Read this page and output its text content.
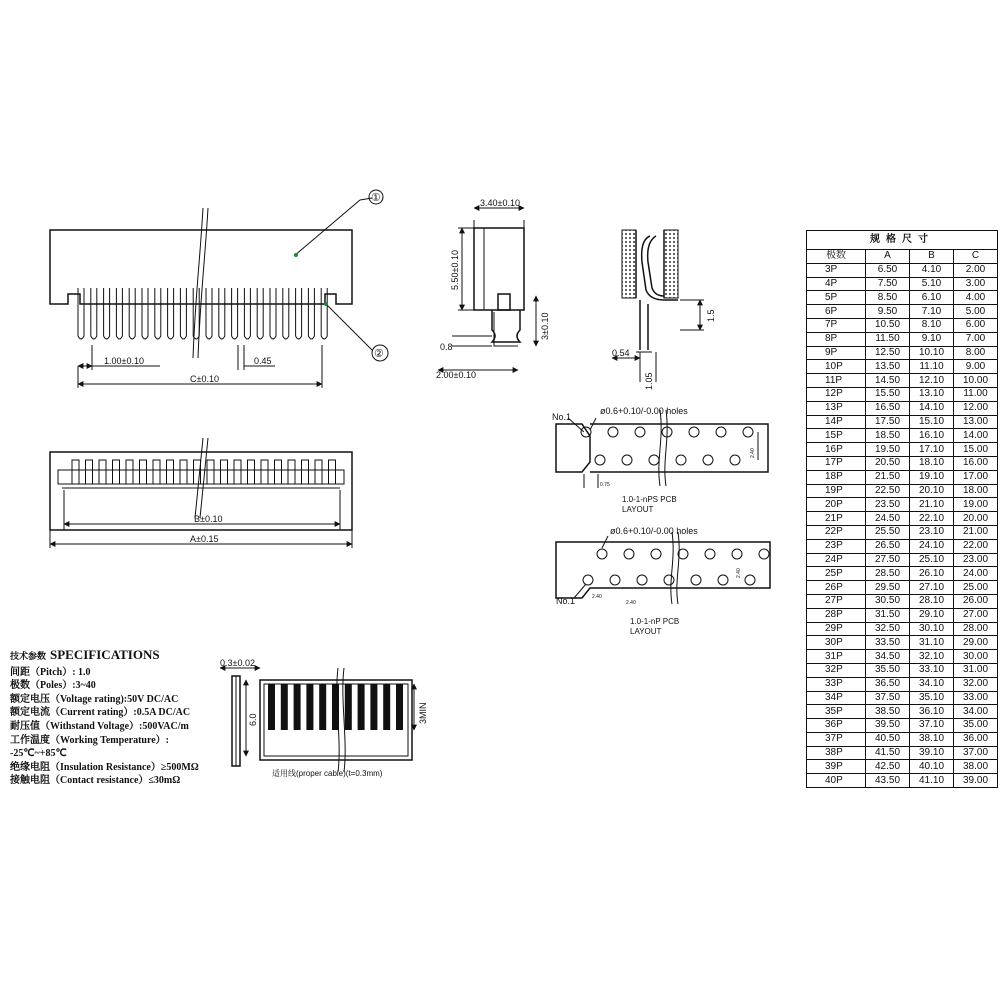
①
②
1.00±0.10	0.45
C±0.10
B±0.10
A±0.15
3.40±0.10
5.50±0.10
3±0.10
0.8
2.00±0.10
0.54
1.05
1.5
No.1
ø0.6+0.10/-0.00 holes
2.40
0.75
1.0-1-nPS PCB
LAYOUT
ø0.6+0.10/-0.00 holes
No.1
2.40
2.40
2.40
1.0-1-nP PCB
LAYOUT
0.3±0.02
6.0	3MIN
适用线(proper cable)(t=0.3mm)
技术参数 SPECIFICATIONS
间距（Pitch）: 1.0
极数（Poles）:3~40
额定电压（Voltage rating):50V DC/AC
额定电流（Current rating）:0.5A DC/AC
耐压值（Withstand Voltage）:500VAC/m
工作温度（Working Temperature）:
-25℃~+85℃
绝缘电阻（Insulation Resistance）≥500MΩ
接触电阻（Contact resistance）≤30mΩ
规格尺寸			
极数	A	B	C
3P	6.50	4.10	2.00
4P	7.50	5.10	3.00
5P	8.50	6.10	4.00
6P	9.50	7.10	5.00
7P	10.50	8.10	6.00
8P	11.50	9.10	7.00
9P	12.50	10.10	8.00
10P	13.50	11.10	9.00
11P	14.50	12.10	10.00
12P	15.50	13.10	11.00
13P	16.50	14.10	12.00
14P	17.50	15.10	13.00
15P	18.50	16.10	14.00
16P	19.50	17.10	15.00
17P	20.50	18.10	16.00
18P	21.50	19.10	17.00
19P	22.50	20.10	18.00
20P	23.50	21.10	19.00
21P	24.50	22.10	20.00
22P	25.50	23.10	21.00
23P	26.50	24.10	22.00
24P	27.50	25.10	23.00
25P	28.50	26.10	24.00
26P	29.50	27.10	25.00
27P	30.50	28.10	26.00
28P	31.50	29.10	27.00
29P	32.50	30.10	28.00
30P	33.50	31.10	29.00
31P	34.50	32.10	30.00
32P	35.50	33.10	31.00
33P	36.50	34.10	32.00
34P	37.50	35.10	33.00
35P	38.50	36.10	34.00
36P	39.50	37.10	35.00
37P	40.50	38.10	36.00
38P	41.50	39.10	37.00
39P	42.50	40.10	38.00
40P	43.50	41.10	39.00
